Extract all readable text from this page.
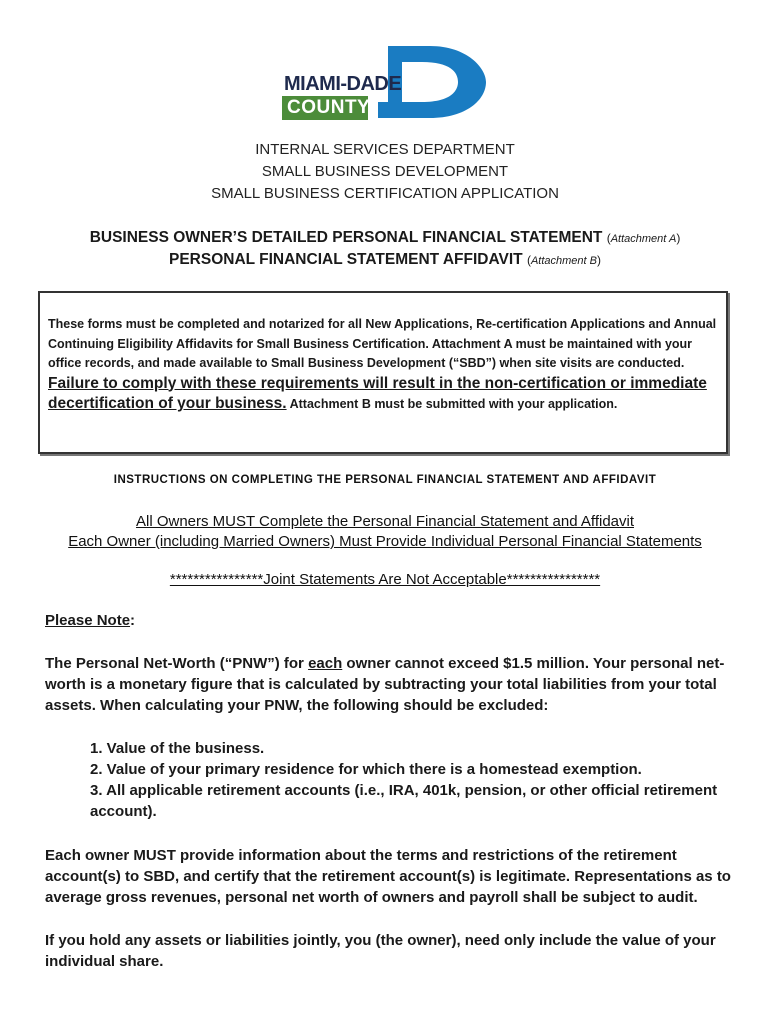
MIAMI-DADE
COUNTY
INTERNAL SERVICES DEPARTMENT
SMALL BUSINESS DEVELOPMENT
SMALL BUSINESS CERTIFICATION APPLICATION
BUSINESS OWNER’S DETAILED PERSONAL FINANCIAL STATEMENT (Attachment A)
PERSONAL FINANCIAL STATEMENT AFFIDAVIT (Attachment B)
These forms must be completed and notarized for all New Applications, Re-certification Applications and Annual Continuing Eligibility Affidavits for Small Business Certification. Attachment A must be maintained with your office records, and made available to Small Business Development (“SBD”) when site visits are conducted. Failure to comply with these requirements will result in the non-certification or immediate decertification of your business. Attachment B must be submitted with your application.
INSTRUCTIONS ON COMPLETING THE PERSONAL FINANCIAL STATEMENT AND AFFIDAVIT
All Owners MUST Complete the Personal Financial Statement and Affidavit
Each Owner (including Married Owners) Must Provide Individual Personal Financial Statements
****************Joint Statements Are Not Acceptable****************
Please Note:
The Personal Net-Worth (“PNW”) for each owner cannot exceed $1.5 million. Your personal net-worth is a monetary figure that is calculated by subtracting your total liabilities from your total assets. When calculating your PNW, the following should be excluded:
1. Value of the business.
2. Value of your primary residence for which there is a homestead exemption.
3. All applicable retirement accounts (i.e., IRA, 401k, pension, or other official retirement account).
Each owner MUST provide information about the terms and restrictions of the retirement account(s) to SBD, and certify that the retirement account(s) is legitimate. Representations as to average gross revenues, personal net worth of owners and payroll shall be subject to audit.
If you hold any assets or liabilities jointly, you (the owner), need only include the value of your individual share.
